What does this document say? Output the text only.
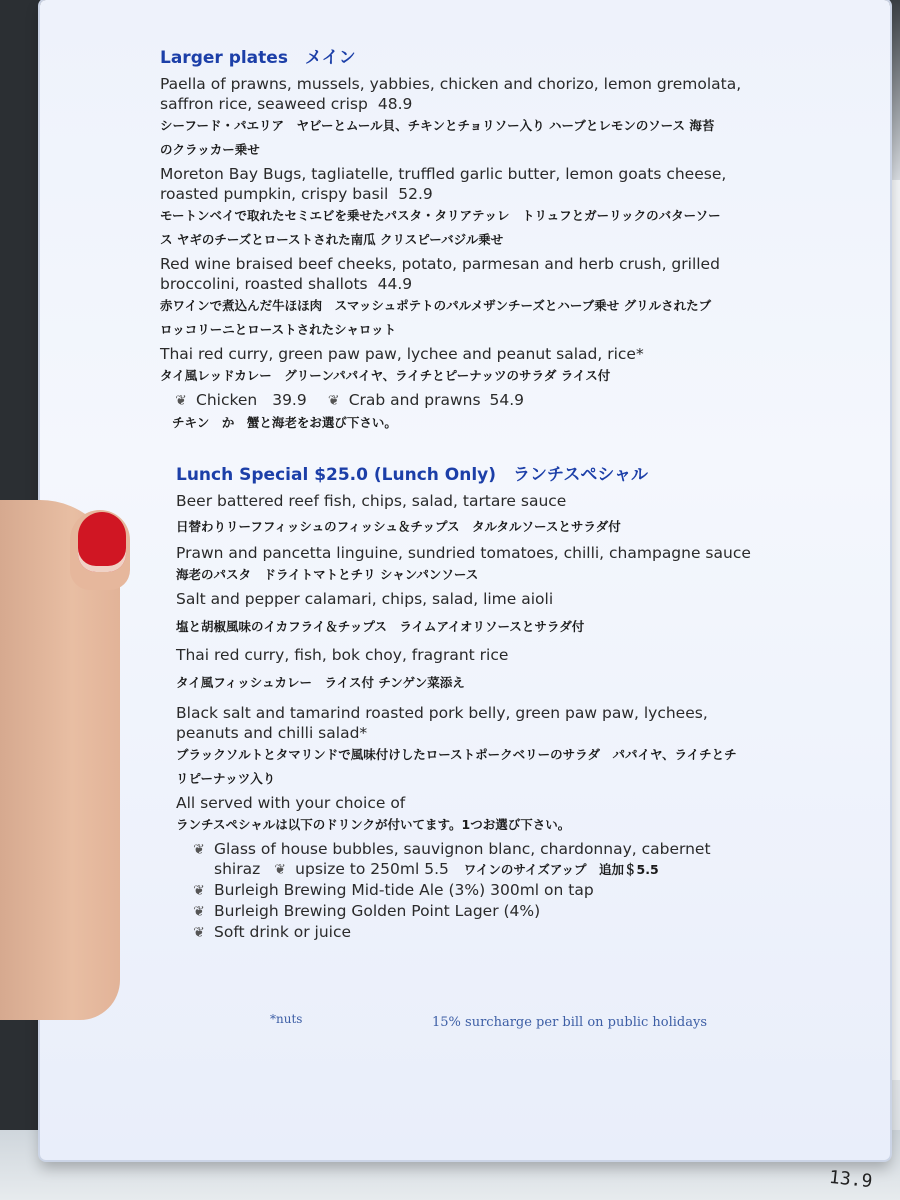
13.9
Larger plates　メイン

Paella of prawns, mussels, yabbies, chicken and chorizo, lemon gremolata,

saffron rice, seaweed crisp 48.9

シーフード・パエリア　ヤビーとムール貝、チキンとチョリソー入り ハーブとレモンのソース 海苔

のクラッカー乗せ

Moreton Bay Bugs, tagliatelle, truffled garlic butter, lemon goats cheese,

roasted pumpkin, crispy basil 52.9

モートンベイで取れたセミエビを乗せたパスタ・タリアテッレ　トリュフとガーリックのバターソー

ス ヤギのチーズとローストされた南瓜 クリスピーバジル乗せ

Red wine braised beef cheeks, potato, parmesan and herb crush, grilled

broccolini, roasted shallots 44.9

赤ワインで煮込んだ牛ほほ肉　スマッシュポテトのパルメザンチーズとハーブ乗せ グリルされたブ

ロッコリーニとローストされたシャロット

Thai red curry, green paw paw, lychee and peanut salad, rice*

タイ風レッドカレー　グリーンパパイヤ、ライチとピーナッツのサラダ ライス付

❦ Chicken 39.9 ❦ Crab and prawns 54.9

チキン　か　蟹と海老をお選び下さい。

Lunch Special $25.0 (Lunch Only)　ランチスペシャル

Beer battered reef fish, chips, salad, tartare sauce

日替わりリーフフィッシュのフィッシュ＆チップス　タルタルソースとサラダ付

Prawn and pancetta linguine, sundried tomatoes, chilli, champagne sauce

海老のパスタ　ドライトマトとチリ シャンパンソース

Salt and pepper calamari, chips, salad, lime aioli

塩と胡椒風味のイカフライ＆チップス　ライムアイオリソースとサラダ付

Thai red curry, fish, bok choy, fragrant rice

タイ風フィッシュカレー　ライス付 チンゲン菜添え

Black salt and tamarind roasted pork belly, green paw paw, lychees,

peanuts and chilli salad*

ブラックソルトとタマリンドで風味付けしたローストポークベリーのサラダ　パパイヤ、ライチとチ

リピーナッツ入り

All served with your choice of

ランチスペシャルは以下のドリンクが付いてます。1つお選び下さい。

❦ Glass of house bubbles, sauvignon blanc, chardonnay, cabernet

shiraz ❦ upsize to 250ml 5.5 ワインのサイズアップ　追加＄5.5

❦ Burleigh Brewing Mid-tide Ale (3%) 300ml on tap

❦ Burleigh Brewing Golden Point Lager (4%)

❦ Soft drink or juice

*nuts	15% surcharge per bill on public holidays
